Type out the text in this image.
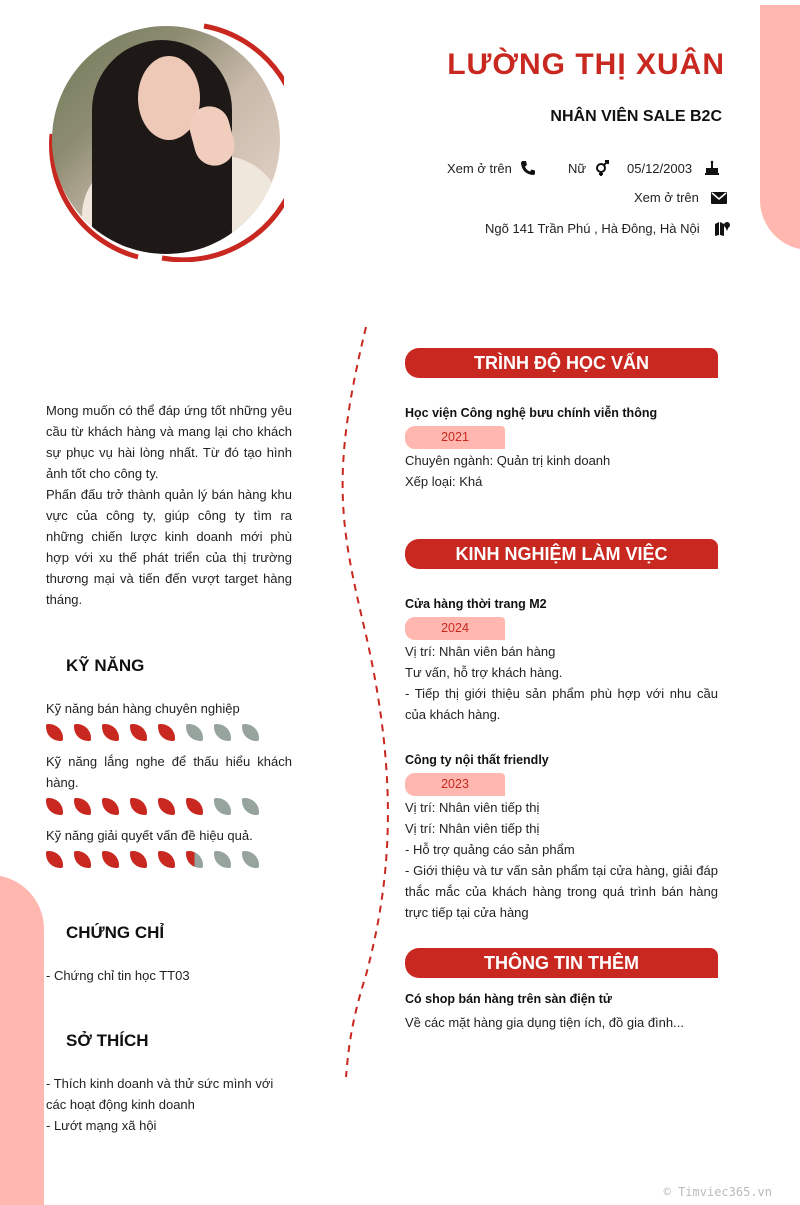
LƯỜNG THỊ XUÂN
NHÂN VIÊN SALE B2C
Xem ở trên	Nữ	05/12/2003
Xem ở trên
Ngõ 141 Trần Phú , Hà Đông, Hà Nội

Mong muốn có thể đáp ứng tốt những yêu cầu từ khách hàng và mang lại cho khách sự phục vụ hài lòng nhất. Từ đó tạo hình ảnh tốt cho công ty.

Phấn đấu trở thành quản lý bán hàng khu vực của công ty, giúp công ty tìm ra những chiến lược kinh doanh mới phù hợp với xu thế phát triển của thị trường thương mại và tiến đến vượt target hàng tháng.

KỸ NĂNG
Kỹ năng bán hàng chuyên nghiệp
Kỹ năng lắng nghe để thấu hiểu khách hàng.
Kỹ năng giải quyết vấn đề hiệu quả.
CHỨNG CHỈ
- Chứng chỉ tin học TT03
SỞ THÍCH
- Thích kinh doanh và thử sức mình với các hoạt động kinh doanh
- Lướt mạng xã hội
TRÌNH ĐỘ HỌC VẤN
Học viện Công nghệ bưu chính viễn thông
2021
Chuyên ngành: Quản trị kinh doanh
Xếp loại: Khá
KINH NGHIỆM LÀM VIỆC
Cửa hàng thời trang M2
2024
Vị trí: Nhân viên bán hàng
Tư vấn, hỗ trợ khách hàng.
- Tiếp thị giới thiệu sản phẩm phù hợp với nhu cầu của khách hàng.
Công ty nội thất friendly
2023
Vị trí: Nhân viên tiếp thị
Vị trí: Nhân viên tiếp thị
- Hỗ trợ quảng cáo sản phẩm
- Giới thiệu và tư vấn sản phẩm tại cửa hàng, giải đáp thắc mắc của khách hàng trong quá trình bán hàng trực tiếp tại cửa hàng
THÔNG TIN THÊM
Có shop bán hàng trên sàn điện tử
Về các mặt hàng gia dụng tiện ích, đồ gia đình...
© Timviec365.vn
